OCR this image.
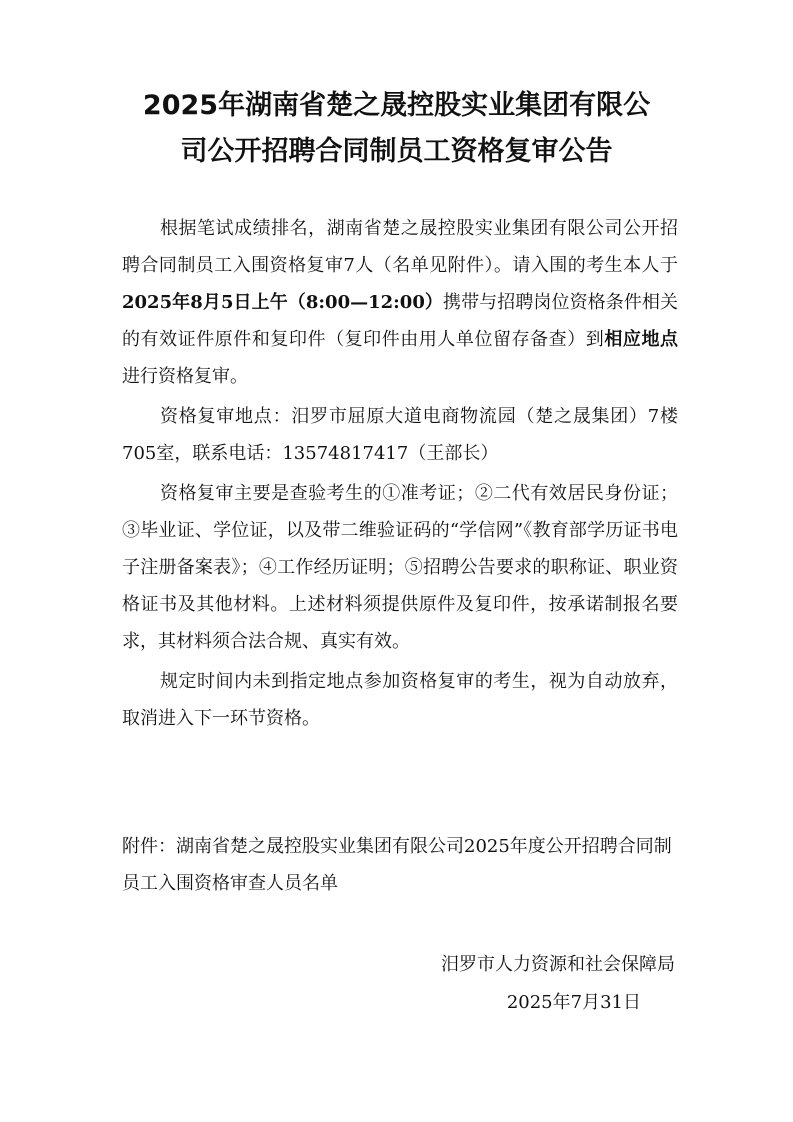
2025年湖南省楚之晟控股实业集团有限公
司公开招聘合同制员工资格复审公告

根据笔试成绩排名，湖南省楚之晟控股实业集团有限公司公开招聘合同制员工入围资格复审7人（名单见附件）。请入围的考生本人于2025年8月5日上午（8:00—12:00）携带与招聘岗位资格条件相关的有效证件原件和复印件（复印件由用人单位留存备查）到相应地点进行资格复审。

资格复审地点：汨罗市屈原大道电商物流园（楚之晟集团）7楼705室，联系电话：13574817417（王部长）

资格复审主要是查验考生的①准考证；②二代有效居民身份证；③毕业证、学位证，以及带二维验证码的“学信网”《教育部学历证书电子注册备案表》；④工作经历证明；⑤招聘公告要求的职称证、职业资格证书及其他材料。上述材料须提供原件及复印件，按承诺制报名要求，其材料须合法合规、真实有效。

规定时间内未到指定地点参加资格复审的考生，视为自动放弃，取消进入下一环节资格。

附件：湖南省楚之晟控股实业集团有限公司2025年度公开招聘合同制员工入围资格审查人员名单

汨罗市人力资源和社会保障局
2025年7月31日
